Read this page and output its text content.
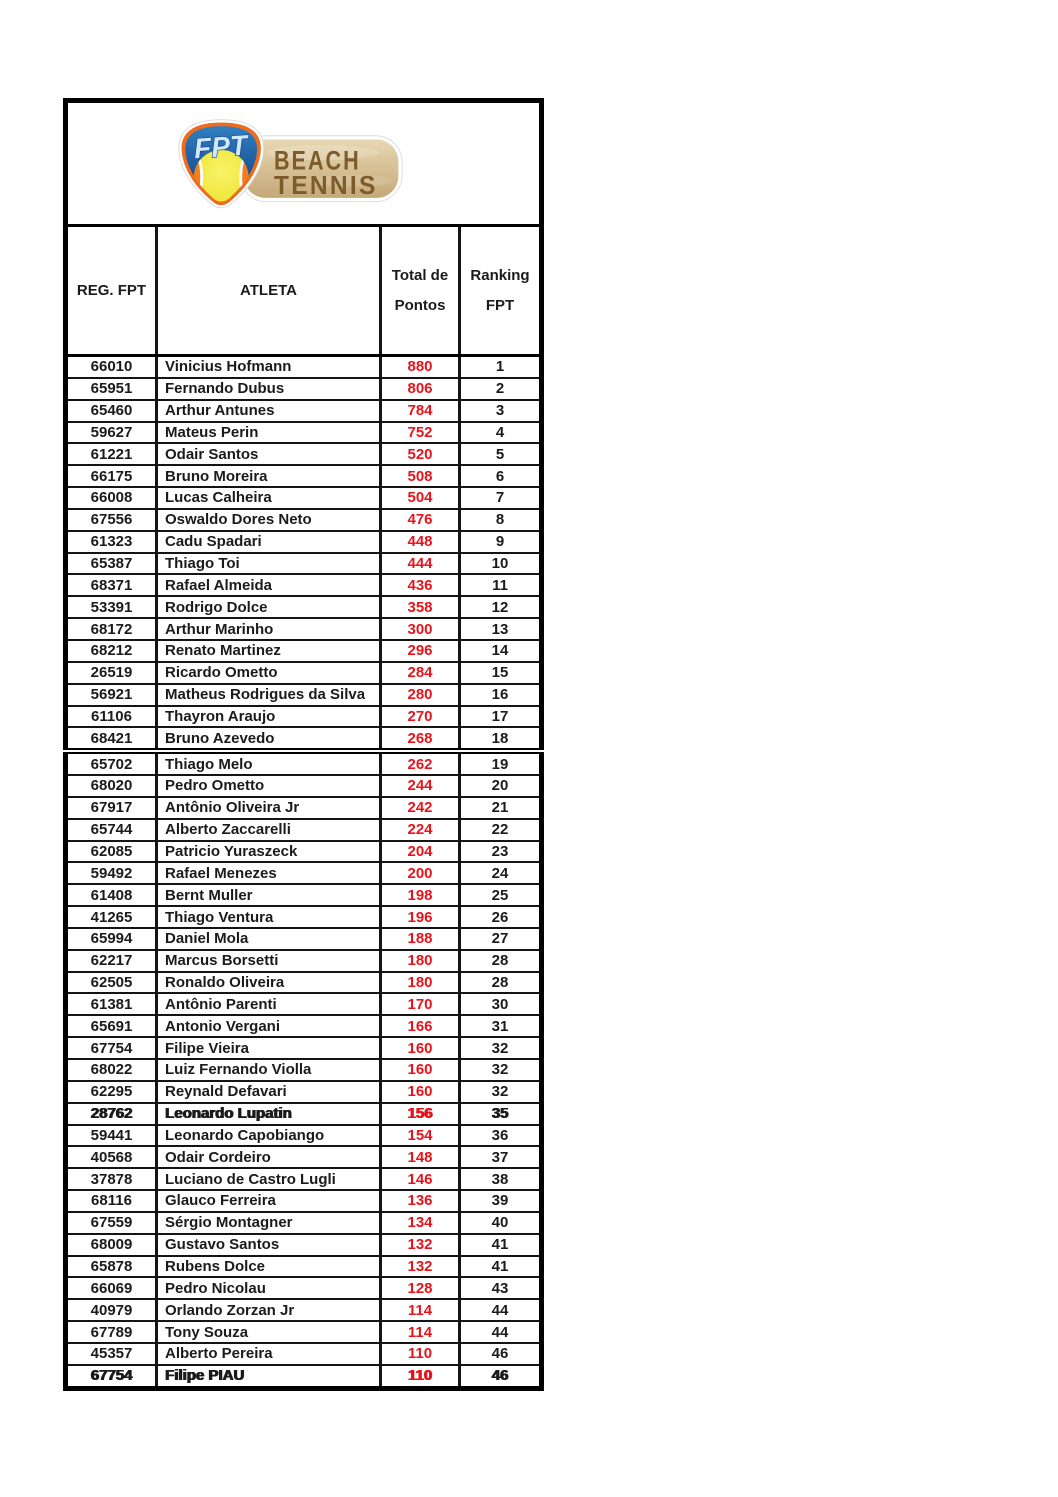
BEACH
TENNIS
FPT			

REG. FPT	ATLETA	Total de Pontos	Ranking FPT
66010	Vinicius Hofmann	880	1
65951	Fernando Dubus	806	2
65460	Arthur Antunes	784	3
59627	Mateus Perin	752	4
61221	Odair Santos	520	5
66175	Bruno Moreira	508	6
66008	Lucas Calheira	504	7
67556	Oswaldo Dores Neto	476	8
61323	Cadu Spadari	448	9
65387	Thiago Toi	444	10
68371	Rafael Almeida	436	11
53391	Rodrigo Dolce	358	12
68172	Arthur Marinho	300	13
68212	Renato Martinez	296	14
26519	Ricardo Ometto	284	15
56921	Matheus Rodrigues da Silva	280	16
61106	Thayron Araujo	270	17
68421	Bruno Azevedo	268	18
65702	Thiago Melo	262	19
68020	Pedro Ometto	244	20
67917	Antônio Oliveira Jr	242	21
65744	Alberto Zaccarelli	224	22
62085	Patricio Yuraszeck	204	23
59492	Rafael Menezes	200	24
61408	Bernt Muller	198	25
41265	Thiago Ventura	196	26
65994	Daniel Mola	188	27
62217	Marcus Borsetti	180	28
62505	Ronaldo Oliveira	180	28
61381	Antônio Parenti	170	30
65691	Antonio Vergani	166	31
67754	Filipe Vieira	160	32
68022	Luiz Fernando Violla	160	32
62295	Reynald Defavari	160	32
28762	Leonardo Lupatin	156	35
59441	Leonardo Capobiango	154	36
40568	Odair Cordeiro	148	37
37878	Luciano de Castro Lugli	146	38
68116	Glauco Ferreira	136	39
67559	Sérgio Montagner	134	40
68009	Gustavo Santos	132	41
65878	Rubens Dolce	132	41
66069	Pedro Nicolau	128	43
40979	Orlando Zorzan Jr	114	44
67789	Tony Souza	114	44
45357	Alberto Pereira	110	46
67754	Filipe PIAU	110	46
